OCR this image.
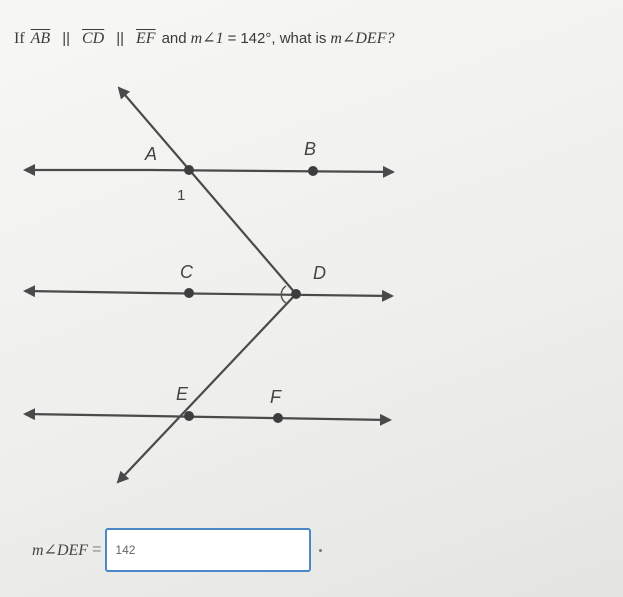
If $\overline{AB}$ || $\overline{CD}$ || $\overline{EF}$ and m∠1 = 142°, what is m∠DEF?
A	B
1
C	D
E	F
m∠DEF =
142
